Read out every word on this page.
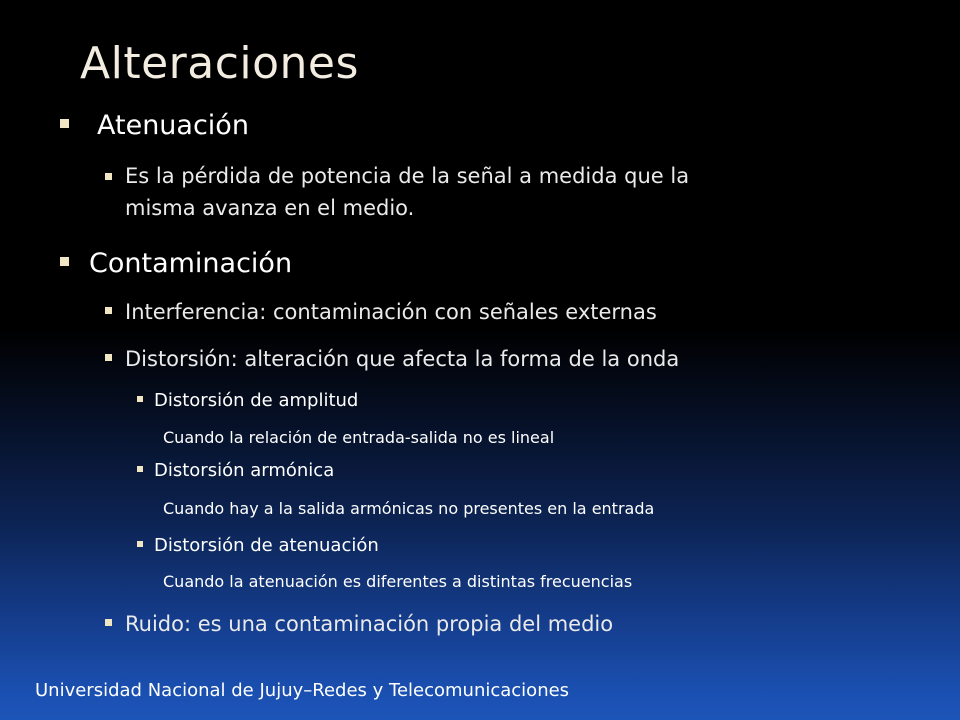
Alteraciones
Atenuación
Es la pérdida de potencia de la señal a medida que la
misma avanza en el medio.
Contaminación
Interferencia: contaminación con señales externas
Distorsión: alteración que afecta la forma de la onda
Distorsión de amplitud
Cuando la relación de entrada-salida no es lineal
Distorsión armónica
Cuando hay a la salida armónicas no presentes en la entrada
Distorsión de atenuación
Cuando la atenuación es diferentes a distintas frecuencias
Ruido: es una contaminación propia del medio
Universidad Nacional de Jujuy–Redes y Telecomunicaciones
